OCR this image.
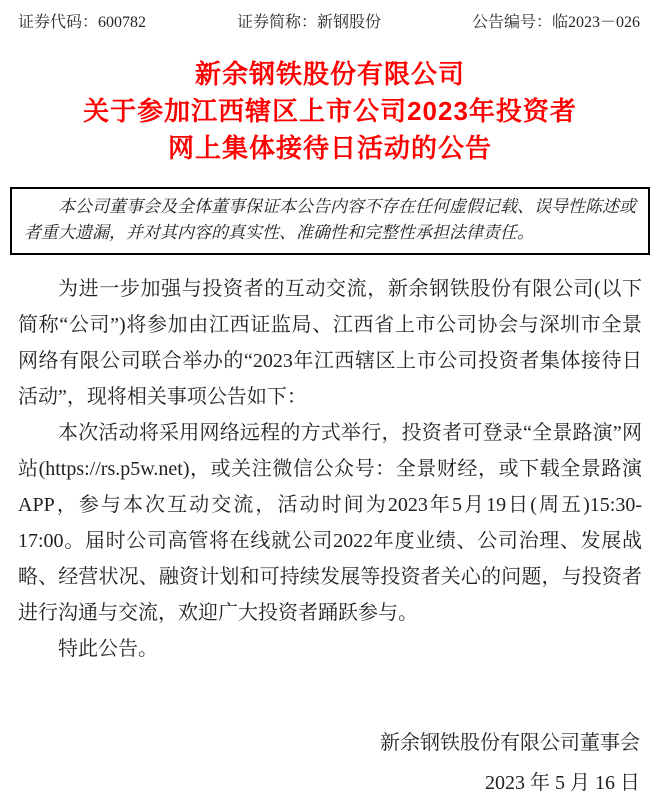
证券代码：600782	证券简称：新钢股份	公告编号：临2023－026
新余钢铁股份有限公司
关于参加江西辖区上市公司2023年投资者
网上集体接待日活动的公告

本公司董事会及全体董事保证本公告内容不存在任何虚假记载、误导性陈述或者重大遗漏，并对其内容的真实性、准确性和完整性承担法律责任。

为进一步加强与投资者的互动交流，新余钢铁股份有限公司(以下简称“公司”)将参加由江西证监局、江西省上市公司协会与深圳市全景网络有限公司联合举办的“2023年江西辖区上市公司投资者集体接待日活动”，现将相关事项公告如下：

本次活动将采用网络远程的方式举行，投资者可登录“全景路演”网站(https://rs.p5w.net)，或关注微信公众号：全景财经，或下载全景路演APP，参与本次互动交流，活动时间为2023年5月19日(周五)15:30-17:00。届时公司高管将在线就公司2022年度业绩、公司治理、发展战略、经营状况、融资计划和可持续发展等投资者关心的问题，与投资者进行沟通与交流，欢迎广大投资者踊跃参与。

特此公告。

新余钢铁股份有限公司董事会

2023 年 5 月 16 日
